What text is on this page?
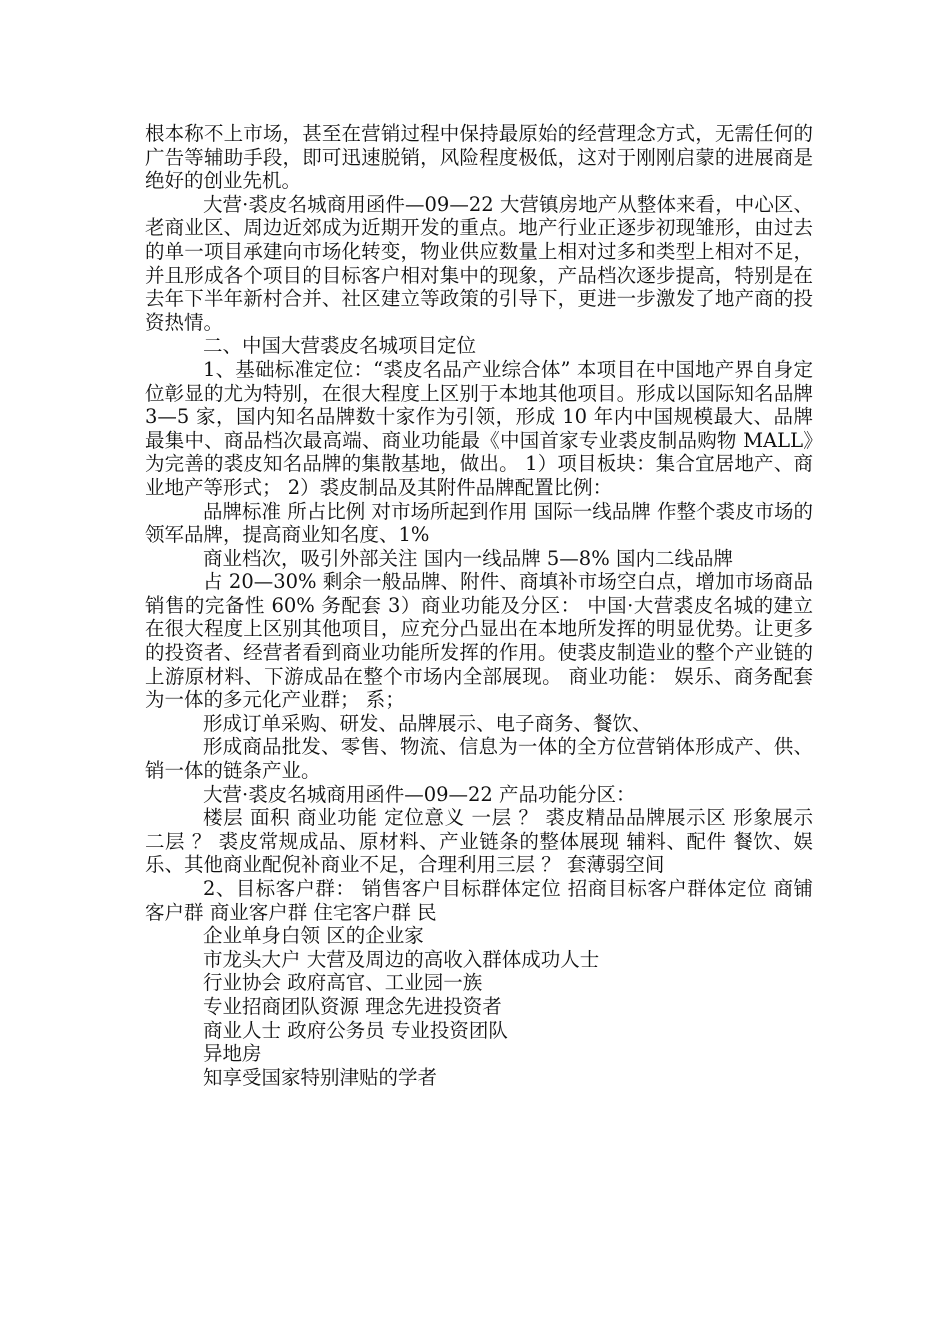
根本称不上市场，甚至在营销过程中保持最原始的经营理念方式，无需任何的广告等辅助手段，即可迅速脱销，风险程度极低，这对于刚刚启蒙的进展商是绝好的创业先机。

大营·裘皮名城商用函件—09—22 大营镇房地产从整体来看，中心区、老商业区、周边近郊成为近期开发的重点。地产行业正逐步初现雏形，由过去的单一项目承建向市场化转变，物业供应数量上相对过多和类型上相对不足，并且形成各个项目的目标客户相对集中的现象，产品档次逐步提高，特别是在去年下半年新村合并、社区建立等政策的引导下，更进一步激发了地产商的投资热情。

二、中国大营裘皮名城项目定位

1、基础标准定位：“裘皮名品产业综合体” 本项目在中国地产界自身定位彰显的尤为特别，在很大程度上区别于本地其他项目。形成以国际知名品牌 3—5 家，国内知名品牌数十家作为引领，形成 10 年内中国规模最大、品牌最集中、商品档次最高端、商业功能最《中国首家专业裘皮制品购物 MALL》为完善的裘皮知名品牌的集散基地，做出。 1）项目板块：集合宜居地产、商业地产等形式； 2）裘皮制品及其附件品牌配置比例：

品牌标准 所占比例 对市场所起到作用 国际一线品牌 作整个裘皮市场的领军品牌，提高商业知名度、1%

商业档次，吸引外部关注 国内一线品牌 5—8% 国内二线品牌

占 20—30% 剩余一般品牌、附件、商填补市场空白点，增加市场商品销售的完备性 60% 务配套 3）商业功能及分区： 中国·大营裘皮名城的建立在很大程度上区别其他项目，应充分凸显出在本地所发挥的明显优势。让更多的投资者、经营者看到商业功能所发挥的作用。使裘皮制造业的整个产业链的上游原材料、下游成品在整个市场内全部展现。 商业功能： 娱乐、商务配套为一体的多元化产业群； 系；

形成订单采购、研发、品牌展示、电子商务、餐饮、

形成商品批发、零售、物流、信息为一体的全方位营销体形成产、供、销一体的链条产业。

大营·裘皮名城商用函件—09—22 产品功能分区：

楼层 面积 商业功能 定位意义 一层 ？ 裘皮精品品牌展示区 形象展示 二层 ？ 裘皮常规成品、原材料、产业链条的整体展现 辅料、配件 餐饮、娱乐、其他商业配倪补商业不足，合理利用三层 ？ 套薄弱空间

2、目标客户群： 销售客户目标群体定位 招商目标客户群体定位 商铺客户群 商业客户群 住宅客户群 民

企业单身白领 区的企业家

市龙头大户 大营及周边的高收入群体成功人士

行业协会 政府高官、工业园一族

专业招商团队资源 理念先进投资者

商业人士 政府公务员 专业投资团队

异地房

知享受国家特别津贴的学者
